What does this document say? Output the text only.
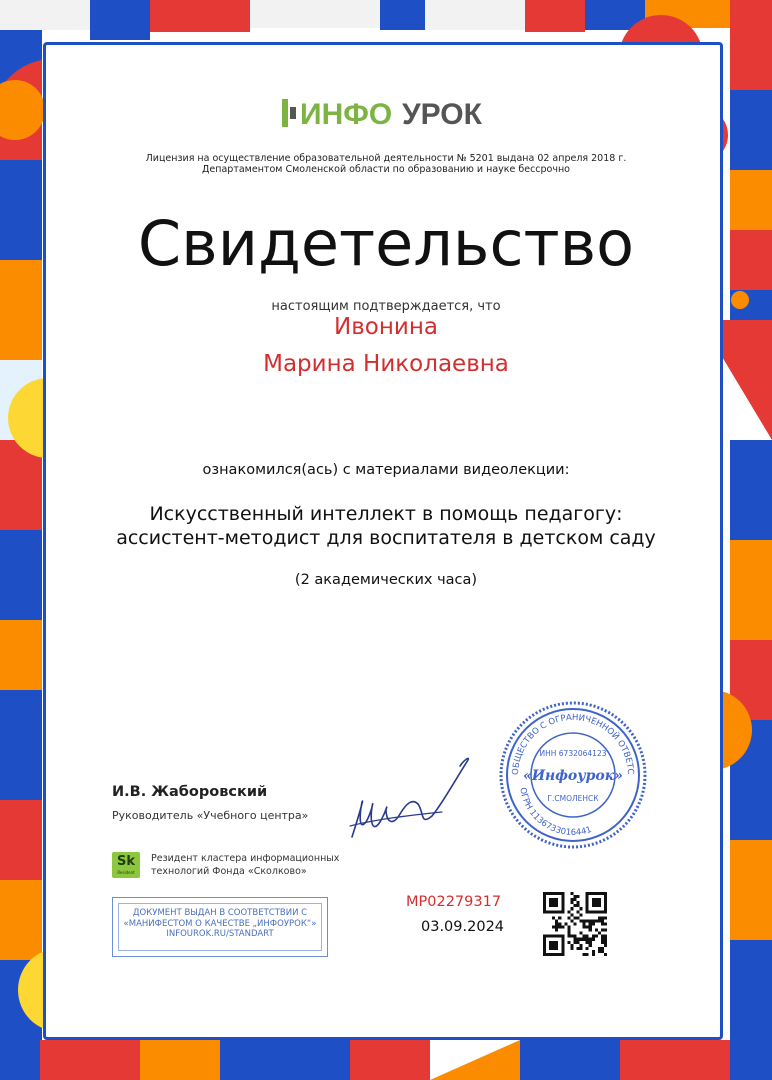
ИНФО УРОК
Лицензия на осуществление образовательной деятельности № 5201 выдана 02 апреля 2018 г.
Департаментом Смоленской области по образованию и науке бессрочно
Свидетельство
настоящим подтверждается, что
Ивонина
Марина Николаевна
ознакомился(ась) с материалами видеолекции:
Искусственный интеллект в помощь педагогу:
ассистент-методист для воспитателя в детском саду
(2 академических часа)
ОБЩЕСТВО С ОГРАНИЧЕННОЙ ОТВЕТС
ОГРН 1136733016441
ИНН 6732064123
«Инфоурок»
Г.СМОЛЕНСК
И.В. Жаборовский
Руководитель «Учебного центра»
Sk
Resident
Резидент кластера информационных
технологий Фонда «Сколково»
ДОКУМЕНТ ВЫДАН В СООТВЕТСТВИИ С
«МАНИФЕСТОМ О КАЧЕСТВЕ „ИНФОУРОК“»
INFOUROK.RU/STANDART
МР02279317
03.09.2024
